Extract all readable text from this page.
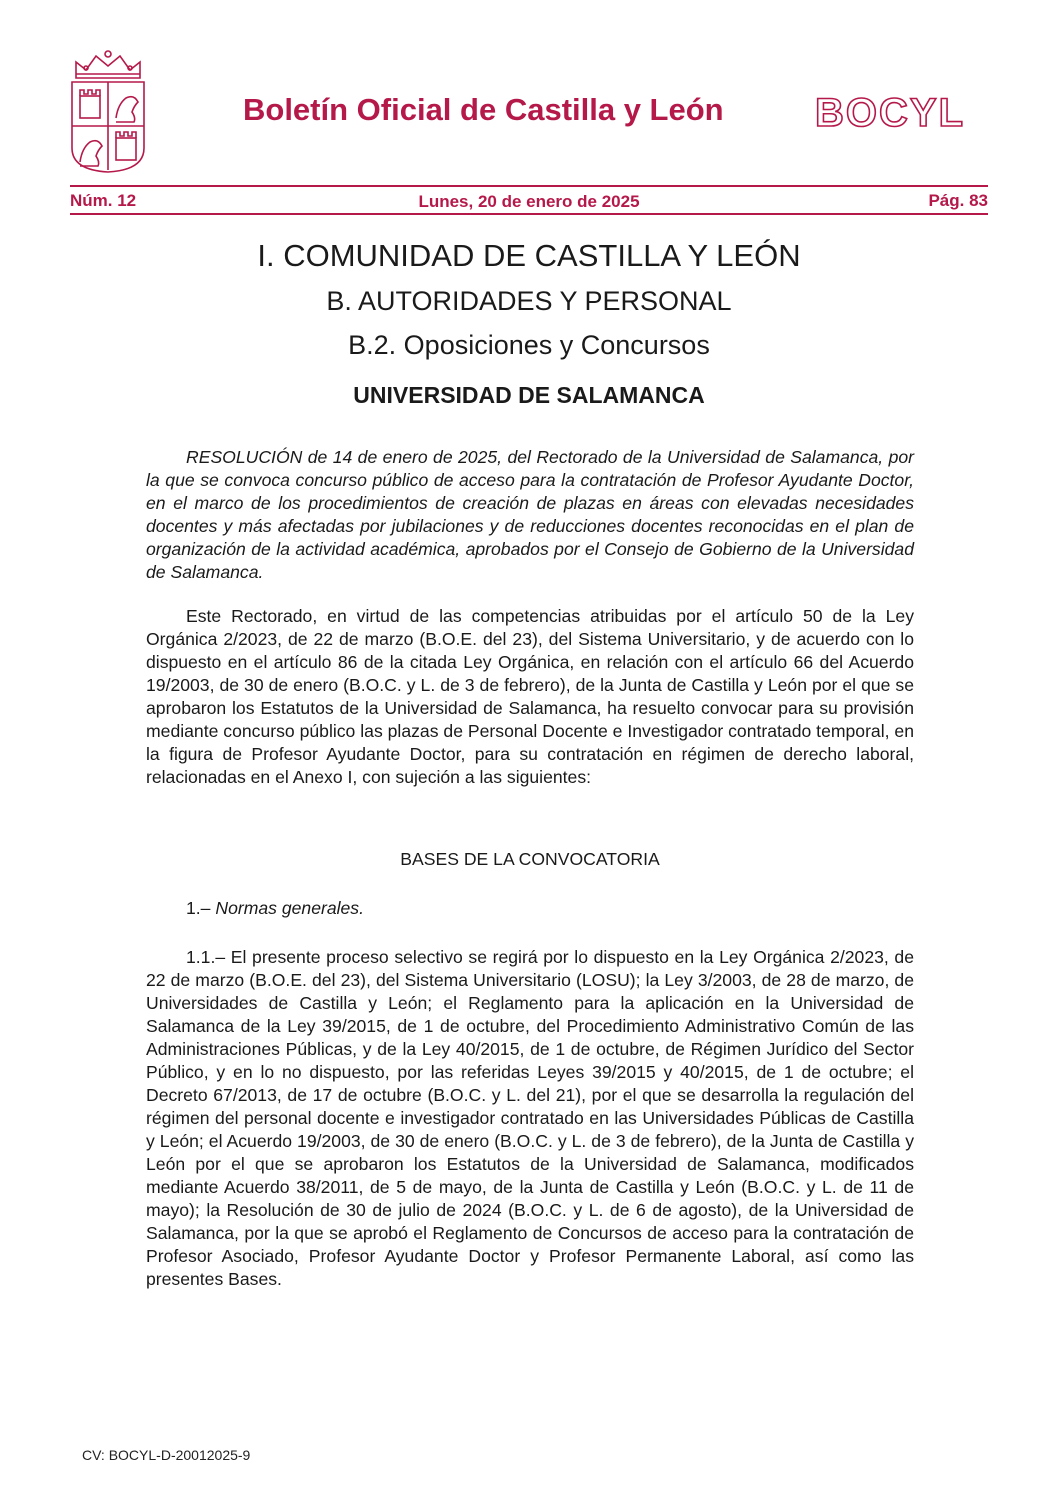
Boletín Oficial de Castilla y León BOCYL
Núm. 12	Lunes, 20 de enero de 2025	Pág. 83
I. COMUNIDAD DE CASTILLA Y LEÓN
B. AUTORIDADES Y PERSONAL
B.2. Oposiciones y Concursos
UNIVERSIDAD DE SALAMANCA

RESOLUCIÓN de 14 de enero de 2025, del Rectorado de la Universidad de Salamanca, por la que se convoca concurso público de acceso para la contratación de Profesor Ayudante Doctor, en el marco de los procedimientos de creación de plazas en áreas con elevadas necesidades docentes y más afectadas por jubilaciones y de reducciones docentes reconocidas en el plan de organización de la actividad académica, aprobados por el Consejo de Gobierno de la Universidad de Salamanca.

Este Rectorado, en virtud de las competencias atribuidas por el artículo 50 de la Ley Orgánica 2/2023, de 22 de marzo (B.O.E. del 23), del Sistema Universitario, y de acuerdo con lo dispuesto en el artículo 86 de la citada Ley Orgánica, en relación con el artículo 66 del Acuerdo 19/2003, de 30 de enero (B.O.C. y L. de 3 de febrero), de la Junta de Castilla y León por el que se aprobaron los Estatutos de la Universidad de Salamanca, ha resuelto convocar para su provisión mediante concurso público las plazas de Personal Docente e Investigador contratado temporal, en la figura de Profesor Ayudante Doctor, para su contratación en régimen de derecho laboral, relacionadas en el Anexo I, con sujeción a las siguientes:

BASES DE LA CONVOCATORIA
1.– Normas generales.

1.1.– El presente proceso selectivo se regirá por lo dispuesto en la Ley Orgánica 2/2023, de 22 de marzo (B.O.E. del 23), del Sistema Universitario (LOSU); la Ley 3/2003, de 28 de marzo, de Universidades de Castilla y León; el Reglamento para la aplicación en la Universidad de Salamanca de la Ley 39/2015, de 1 de octubre, del Procedimiento Administrativo Común de las Administraciones Públicas, y de la Ley 40/2015, de 1 de octubre, de Régimen Jurídico del Sector Público, y en lo no dispuesto, por las referidas Leyes 39/2015 y 40/2015, de 1 de octubre; el Decreto 67/2013, de 17 de octubre (B.O.C. y L. del 21), por el que se desarrolla la regulación del régimen del personal docente e investigador contratado en las Universidades Públicas de Castilla y León; el Acuerdo 19/2003, de 30 de enero (B.O.C. y L. de 3 de febrero), de la Junta de Castilla y León por el que se aprobaron los Estatutos de la Universidad de Salamanca, modificados mediante Acuerdo 38/2011, de 5 de mayo, de la Junta de Castilla y León (B.O.C. y L. de 11 de mayo); la Resolución de 30 de julio de 2024 (B.O.C. y L. de 6 de agosto), de la Universidad de Salamanca, por la que se aprobó el Reglamento de Concursos de acceso para la contratación de Profesor Asociado, Profesor Ayudante Doctor y Profesor Permanente Laboral, así como las presentes Bases.

CV: BOCYL-D-20012025-9
